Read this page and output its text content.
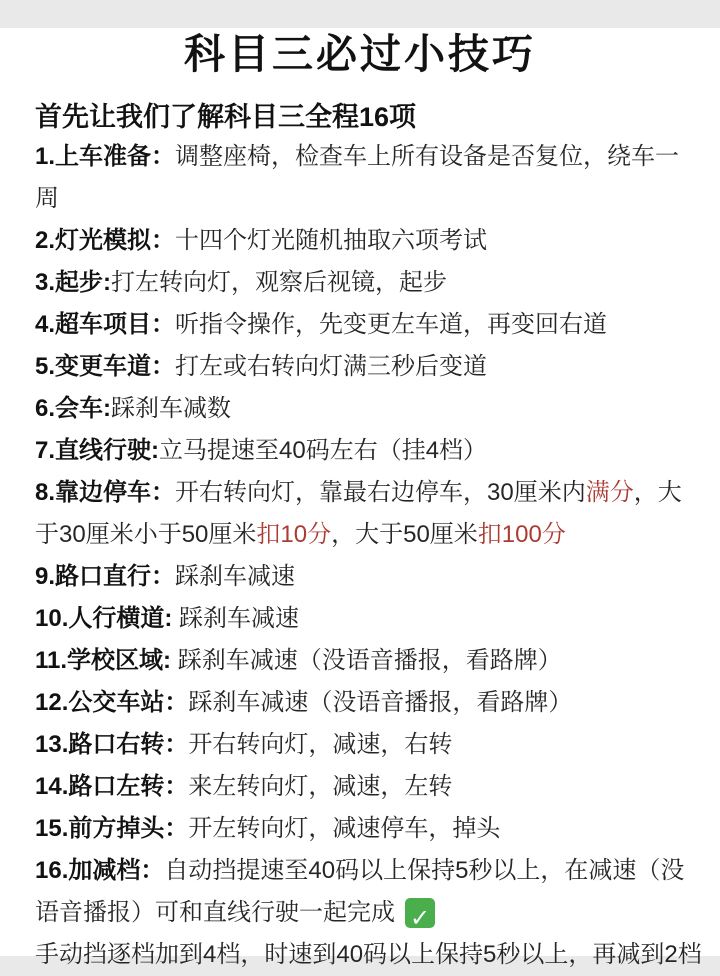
科目三必过小技巧
首先让我们了解科目三全程16项
1.上车准备：调整座椅，检查车上所有设备是否复位，绕车一 周
2.灯光模拟：十四个灯光随机抽取六项考试
3.起步:打左转向灯，观察后视镜，起步
4.超车项目：听指令操作，先变更左车道，再变回右道
5.变更车道：打左或右转向灯满三秒后变道
6.会车:踩刹车减数
7.直线行驶:立马提速至40码左右（挂4档）
8.靠边停车：开右转向灯，靠最右边停车，30厘米内满分，大于30厘米小于50厘米扣10分，大于50厘米扣100分
9.路口直行：踩刹车减速
10.人行横道: 踩刹车减速
11.学校区域: 踩刹车减速（没语音播报，看路牌）
12.公交车站：踩刹车减速（没语音播报，看路牌）
13.路口右转：开右转向灯，减速，右转
14.路口左转：来左转向灯，减速，左转
15.前方掉头：开左转向灯，减速停车，掉头
16.加减档：自动挡提速至40码以上保持5秒以上，在减速（没语音播报）可和直线行驶一起完成 ✓
手动挡逐档加到4档，时速到40码以上保持5秒以上，再减到2档
